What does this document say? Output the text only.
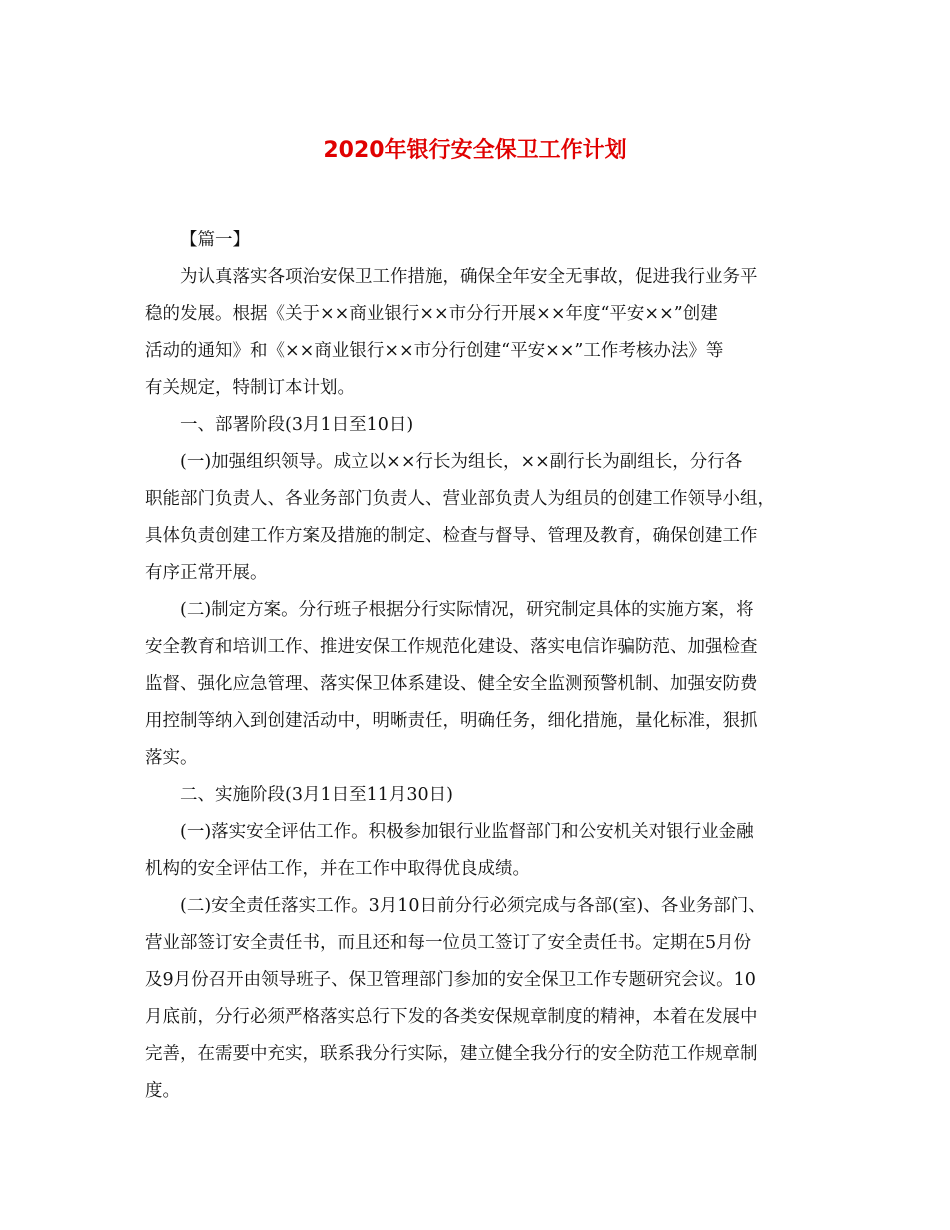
2020年银行安全保卫工作计划

【篇一】

为认真落实各项治安保卫工作措施，确保全年安全无事故，促进我行业务平
稳的发展。根据《关于××商业银行××市分行开展××年度“平安××”创建
活动的通知》和《××商业银行××市分行创建“平安××”工作考核办法》等
有关规定，特制订本计划。

一、部署阶段(3月1日至10日)

(一)加强组织领导。成立以××行长为组长，××副行长为副组长，分行各
职能部门负责人、各业务部门负责人、营业部负责人为组员的创建工作领导小组，
具体负责创建工作方案及措施的制定、检查与督导、管理及教育，确保创建工作
有序正常开展。

(二)制定方案。分行班子根据分行实际情况，研究制定具体的实施方案，将
安全教育和培训工作、推进安保工作规范化建设、落实电信诈骗防范、加强检查
监督、强化应急管理、落实保卫体系建设、健全安全监测预警机制、加强安防费
用控制等纳入到创建活动中，明晰责任，明确任务，细化措施，量化标准，狠抓
落实。

二、实施阶段(3月1日至11月30日)

(一)落实安全评估工作。积极参加银行业监督部门和公安机关对银行业金融
机构的安全评估工作，并在工作中取得优良成绩。

(二)安全责任落实工作。3月10日前分行必须完成与各部(室)、各业务部门、
营业部签订安全责任书，而且还和每一位员工签订了安全责任书。定期在5月份
及9月份召开由领导班子、保卫管理部门参加的安全保卫工作专题研究会议。10
月底前，分行必须严格落实总行下发的各类安保规章制度的精神，本着在发展中
完善，在需要中充实，联系我分行实际，建立健全我分行的安全防范工作规章制
度。
